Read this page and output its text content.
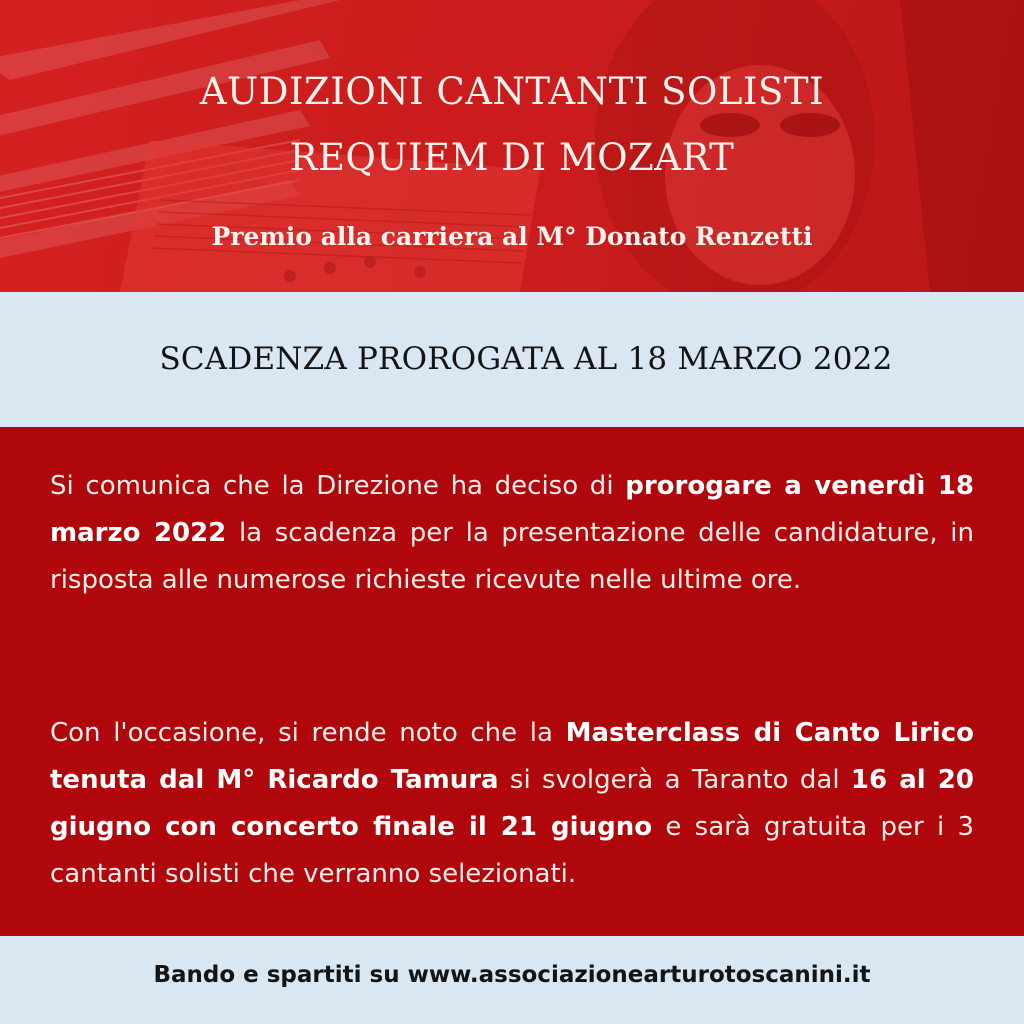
AUDIZIONI CANTANTI SOLISTI
REQUIEM DI MOZART
Premio alla carriera al M° Donato Renzetti
SCADENZA PROROGATA AL 18 MARZO 2022

Si comunica che la Direzione ha deciso di prorogare a venerdì 18 marzo 2022 la scadenza per la presentazione delle candidature, in risposta alle numerose richieste ricevute nelle ultime ore.

Con l'occasione, si rende noto che la Masterclass di Canto Lirico tenuta dal M° Ricardo Tamura si svolgerà a Taranto dal 16 al 20 giugno con concerto finale il 21 giugno e sarà gratuita per i 3 cantanti solisti che verranno selezionati.

Bando e spartiti su www.associazionearturotoscanini.it
